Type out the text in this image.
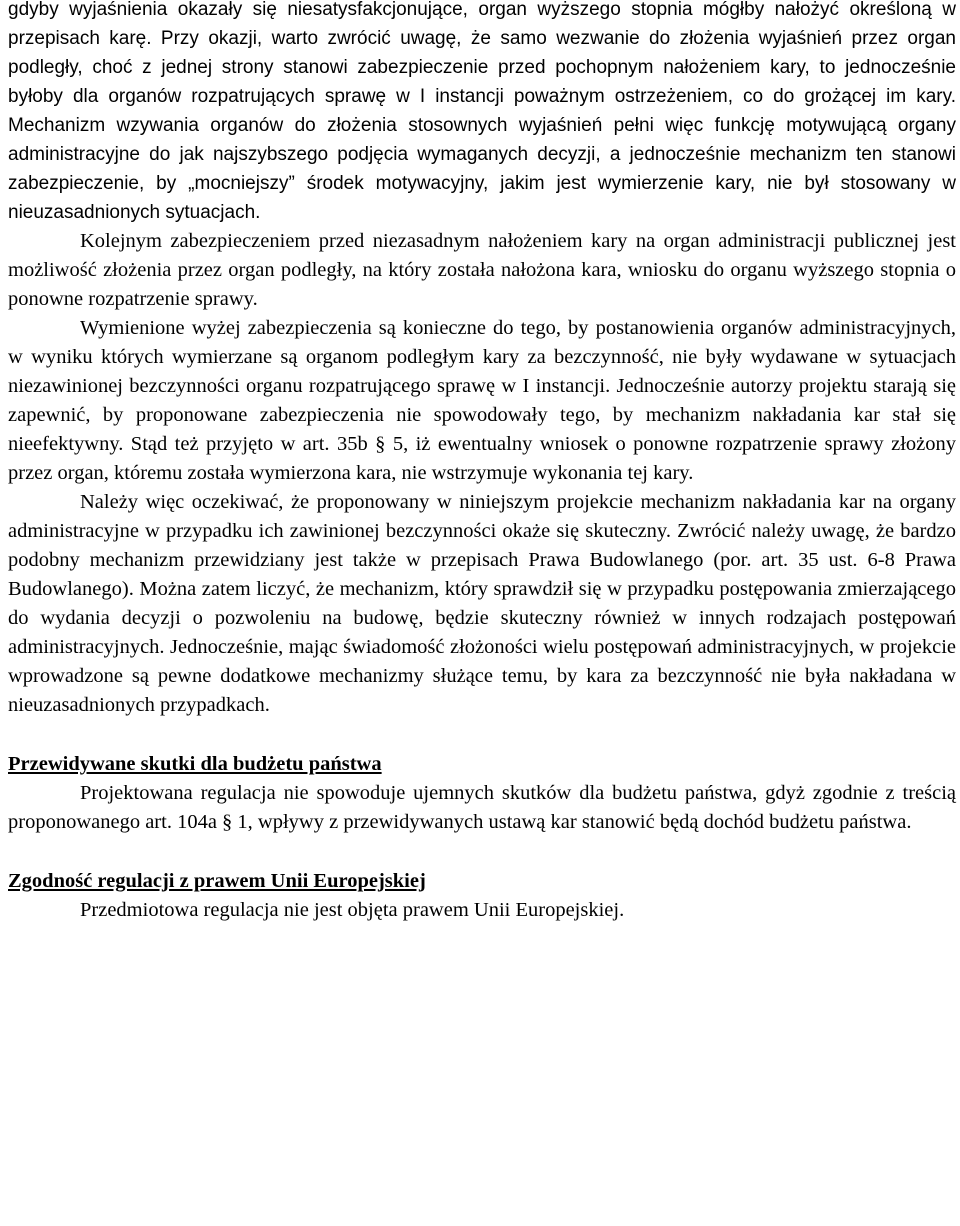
gdyby wyjaśnienia okazały się niesatysfakcjonujące, organ wyższego stopnia mógłby nałożyć określoną w przepisach karę. Przy okazji, warto zwrócić uwagę, że samo wezwanie do złożenia wyjaśnień przez organ podległy, choć z jednej strony stanowi zabezpieczenie przed pochopnym nałożeniem kary, to jednocześnie byłoby dla organów rozpatrujących sprawę w I instancji poważnym ostrzeżeniem, co do grożącej im kary. Mechanizm wzywania organów do złożenia stosownych wyjaśnień pełni więc funkcję motywującą organy administracyjne do jak najszybszego podjęcia wymaganych decyzji, a jednocześnie mechanizm ten stanowi zabezpieczenie, by „mocniejszy” środek motywacyjny, jakim jest wymierzenie kary, nie był stosowany w nieuzasadnionych sytuacjach.

Kolejnym zabezpieczeniem przed niezasadnym nałożeniem kary na organ administracji publicznej jest możliwość złożenia przez organ podległy, na który została nałożona kara, wniosku do organu wyższego stopnia o ponowne rozpatrzenie sprawy.

Wymienione wyżej zabezpieczenia są konieczne do tego, by postanowienia organów administracyjnych, w wyniku których wymierzane są organom podległym kary za bezczynność, nie były wydawane w sytuacjach niezawinionej bezczynności organu rozpatrującego sprawę w I instancji. Jednocześnie autorzy projektu starają się zapewnić, by proponowane zabezpieczenia nie spowodowały tego, by mechanizm nakładania kar stał się nieefektywny. Stąd też przyjęto w art. 35b § 5, iż ewentualny wniosek o ponowne rozpatrzenie sprawy złożony przez organ, któremu została wymierzona kara, nie wstrzymuje wykonania tej kary.

Należy więc oczekiwać, że proponowany w niniejszym projekcie mechanizm nakładania kar na organy administracyjne w przypadku ich zawinionej bezczynności okaże się skuteczny. Zwrócić należy uwagę, że bardzo podobny mechanizm przewidziany jest także w przepisach Prawa Budowlanego (por. art. 35 ust. 6-8 Prawa Budowlanego). Można zatem liczyć, że mechanizm, który sprawdził się w przypadku postępowania zmierzającego do wydania decyzji o pozwoleniu na budowę, będzie skuteczny również w innych rodzajach postępowań administracyjnych. Jednocześnie, mając świadomość złożoności wielu postępowań administracyjnych, w projekcie wprowadzone są pewne dodatkowe mechanizmy służące temu, by kara za bezczynność nie była nakładana w nieuzasadnionych przypadkach.

Przewidywane skutki dla budżetu państwa

Projektowana regulacja nie spowoduje ujemnych skutków dla budżetu państwa, gdyż zgodnie z treścią proponowanego art. 104a § 1, wpływy z przewidywanych ustawą kar stanowić będą dochód budżetu państwa.

Zgodność regulacji z prawem Unii Europejskiej

Przedmiotowa regulacja nie jest objęta prawem Unii Europejskiej.
